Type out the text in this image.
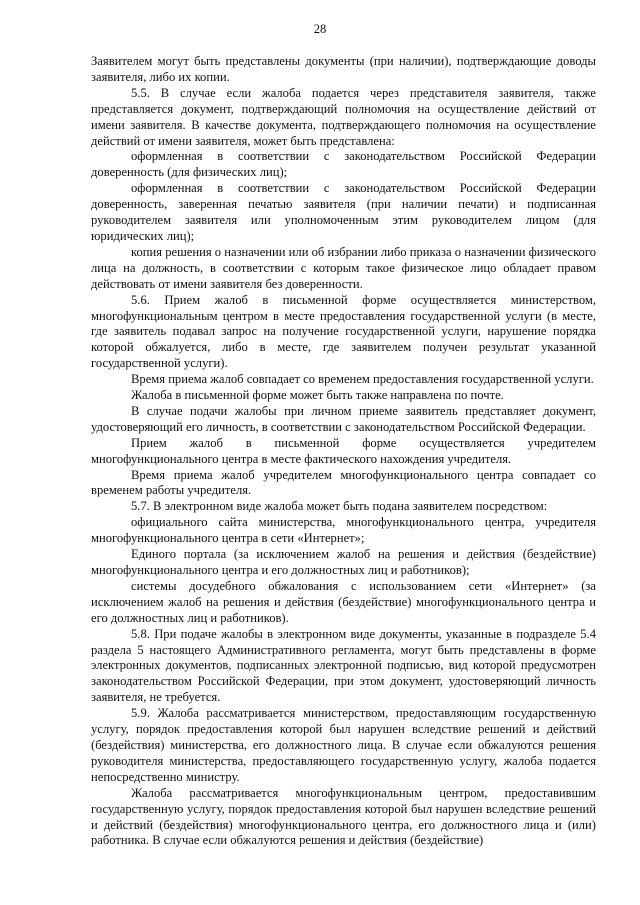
28

Заявителем могут быть представлены документы (при наличии), подтверждающие доводы заявителя, либо их копии.

5.5. В случае если жалоба подается через представителя заявителя, также представляется документ, подтверждающий полномочия на осуществление действий от имени заявителя. В качестве документа, подтверждающего полномочия на осуществление действий от имени заявителя, может быть представлена:

оформленная в соответствии с законодательством Российской Федерации доверенность (для физических лиц);

оформленная в соответствии с законодательством Российской Федерации доверенность, заверенная печатью заявителя (при наличии печати) и подписанная руководителем заявителя или уполномоченным этим руководителем лицом (для юридических лиц);

копия решения о назначении или об избрании либо приказа о назначении физического лица на должность, в соответствии с которым такое физическое лицо обладает правом действовать от имени заявителя без доверенности.

5.6. Прием жалоб в письменной форме осуществляется министерством, многофункциональным центром в месте предоставления государственной услуги (в месте, где заявитель подавал запрос на получение государственной услуги, нарушение порядка которой обжалуется, либо в месте, где заявителем получен результат указанной государственной услуги).

Время приема жалоб совпадает со временем предоставления государственной услуги.

Жалоба в письменной форме может быть также направлена по почте.

В случае подачи жалобы при личном приеме заявитель представляет документ, удостоверяющий его личность, в соответствии с законодательством Российской Федерации.

Прием жалоб в письменной форме осуществляется учредителем многофункционального центра в месте фактического нахождения учредителя.

Время приема жалоб учредителем многофункционального центра совпадает со временем работы учредителя.

5.7. В электронном виде жалоба может быть подана заявителем посредством:

официального сайта министерства, многофункционального центра, учредителя многофункционального центра в сети «Интернет»;

Единого портала (за исключением жалоб на решения и действия (бездействие) многофункционального центра и его должностных лиц и работников);

системы досудебного обжалования с использованием сети «Интернет» (за исключением жалоб на решения и действия (бездействие) многофункционального центра и его должностных лиц и работников).

5.8. При подаче жалобы в электронном виде документы, указанные в подразделе 5.4 раздела 5 настоящего Административного регламента, могут быть представлены в форме электронных документов, подписанных электронной подписью, вид которой предусмотрен законодательством Российской Федерации, при этом документ, удостоверяющий личность заявителя, не требуется.

5.9. Жалоба рассматривается министерством, предоставляющим государственную услугу, порядок предоставления которой был нарушен вследствие решений и действий (бездействия) министерства, его должностного лица. В случае если обжалуются решения руководителя министерства, предоставляющего государственную услугу, жалоба подается непосредственно министру.

Жалоба рассматривается многофункциональным центром, предоставившим государственную услугу, порядок предоставления которой был нарушен вследствие решений и действий (бездействия) многофункционального центра, его должностного лица и (или) работника. В случае если обжалуются решения и действия (бездействие)
